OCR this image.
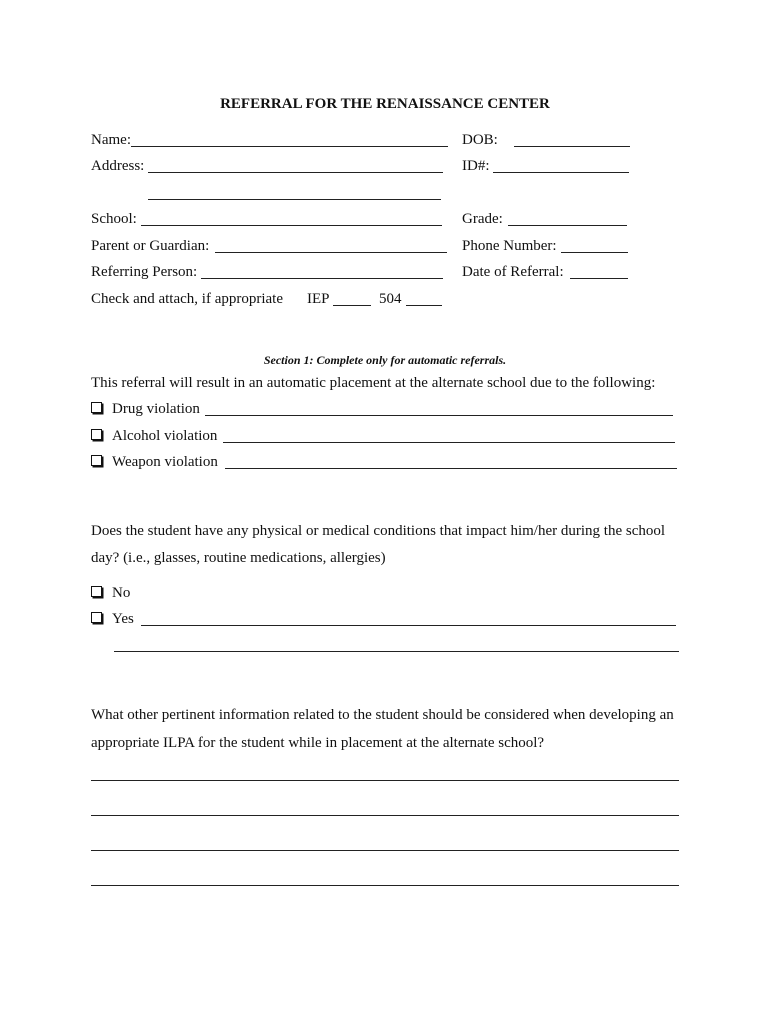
REFERRAL FOR THE RENAISSANCE CENTER
Name:	DOB:
Address:	ID#:
School:	Grade:
Parent or Guardian:	Phone Number:
Referring Person:	Date of Referral:
Check and attach, if appropriate IEP	504
Section 1: Complete only for automatic referrals.
This referral will result in an automatic placement at the alternate school due to the following:
Drug violation
Alcohol violation
Weapon violation
Does the student have any physical or medical conditions that impact him/her during the school
day? (i.e., glasses, routine medications, allergies)
No
Yes
What other pertinent information related to the student should be considered when developing an
appropriate ILPA for the student while in placement at the alternate school?
